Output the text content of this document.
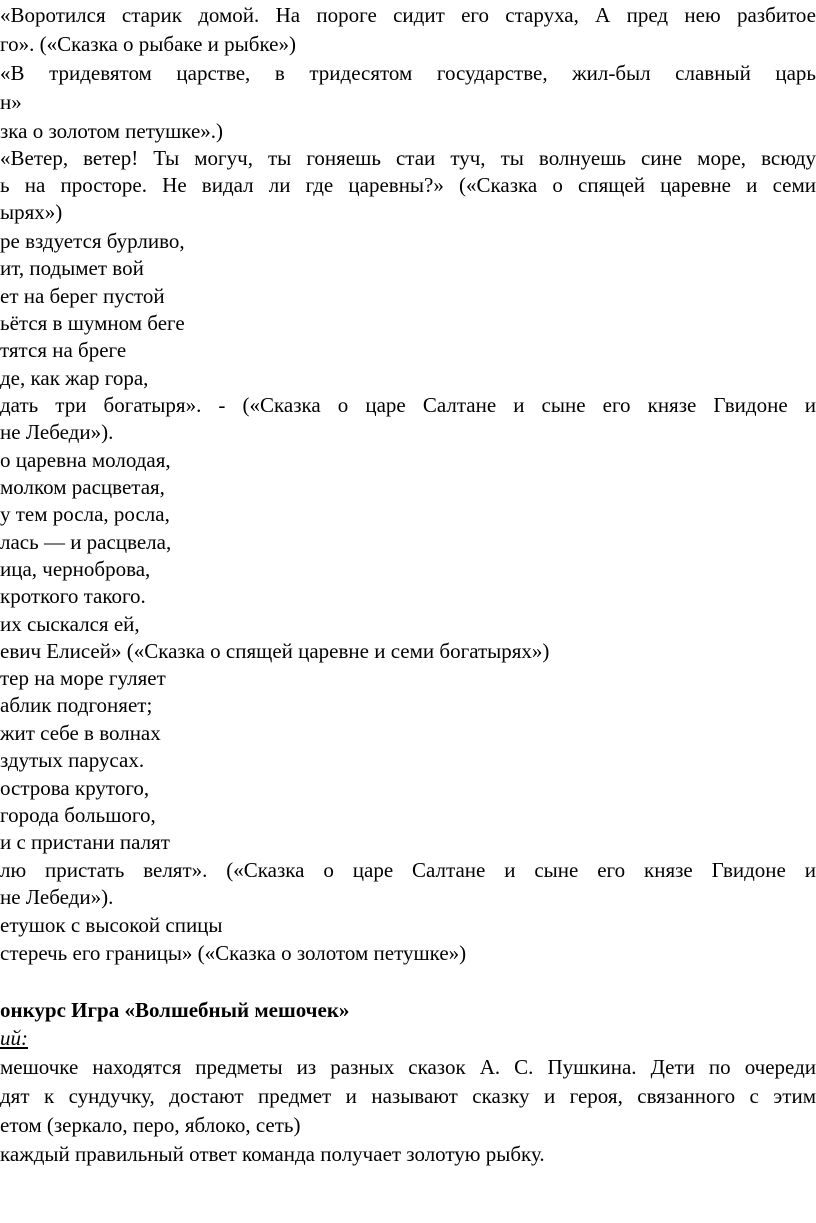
«Воротился старик домой. На пороге сидит его старуха, А пред нею разбитое
го». («Сказка о рыбаке и рыбке»)
«В тридевятом царстве, в тридесятом государстве, жил-был славный царь
н»
зка о золотом петушке».)
«Ветер, ветер! Ты могуч, ты гоняешь стаи туч, ты волнуешь сине море, всюду
ь на просторе. Не видал ли где царевны?» («Сказка о спящей царевне и семи
ырях»)
ре вздуется бурливо,
ит, подымет вой
ет на берег пустой
ьётся в шумном беге
тятся на бреге
де, как жар гора,
дать три богатыря». - («Сказка о царе Салтане и сыне его князе Гвидоне и
не Лебеди»).
о царевна молодая,
молком расцветая,
у тем росла, росла,
лась — и расцвела,
ица, черноброва,
кроткого такого.
их сыскался ей,
евич Елисей» («Сказка о спящей царевне и семи богатырях»)
тер на море гуляет
аблик подгоняет;
жит себе в волнах
здутых парусах.
острова крутого,
города большого,
и с пристани палят
лю пристать велят». («Сказка о царе Салтане и сыне его князе Гвидоне и
не Лебеди»).
етушок с высокой спицы
стеречь его границы» («Сказка о золотом петушке»)
онкурс Игра «Волшебный мешочек»
ий:
мешочке находятся предметы из разных сказок А. С. Пушкина. Дети по очереди
дят к сундучку, достают предмет и называют сказку и героя, связанного с этим
етом (зеркало, перо, яблоко, сеть)
каждый правильный ответ команда получает золотую рыбку.
